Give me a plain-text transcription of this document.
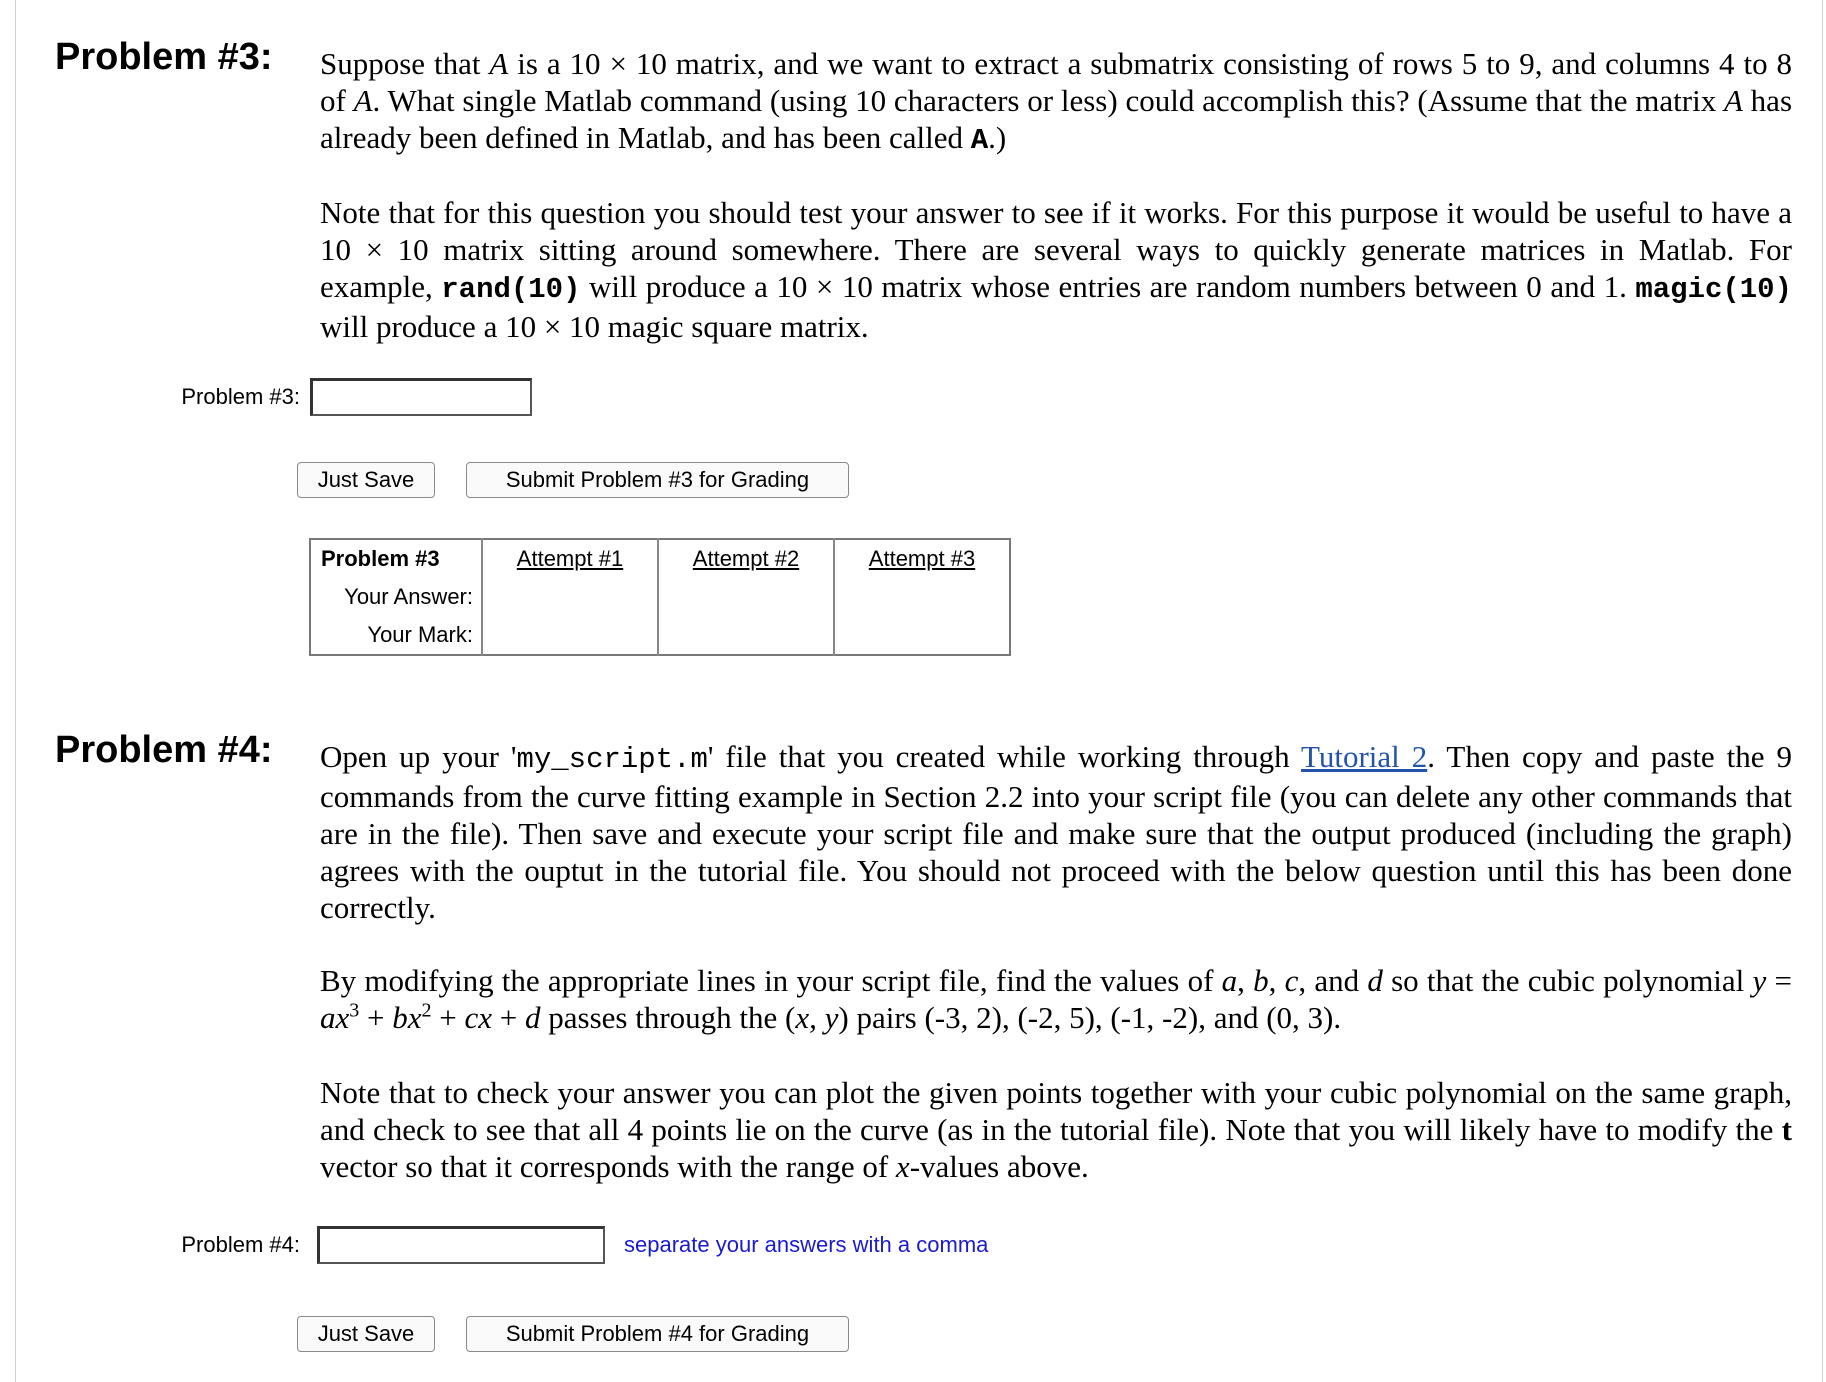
Problem #3: Suppose that A is a 10 × 10 matrix, and we want to extract a submatrix consisting of rows 5 to 9, and columns 4 to 8 of A. What single Matlab command (using 10 characters or less) could accomplish this? (Assume that the matrix A has already been defined in Matlab, and has been called A.)
Note that for this question you should test your answer to see if it works. For this purpose it would be useful to have a 10 × 10 matrix sitting around somewhere. There are several ways to quickly generate matrices in Matlab. For example, rand(10) will produce a 10 × 10 matrix whose entries are random numbers between 0 and 1. magic(10) will produce a 10 × 10 magic square matrix.
Problem #3:
Just Save	Submit Problem #3 for Grading
Problem #3	Attempt #1	Attempt #2	Attempt #3
Your Answer:			
Your Mark:			
Problem #4: Open up your 'my_script.m' file that you created while working through Tutorial 2. Then copy and paste the 9 commands from the curve fitting example in Section 2.2 into your script file (you can delete any other commands that are in the file). Then save and execute your script file and make sure that the output produced (including the graph) agrees with the ouptut in the tutorial file. You should not proceed with the below question until this has been done correctly.
By modifying the appropriate lines in your script file, find the values of a, b, c, and d so that the cubic polynomial $y = ax^3 + bx^2$ + cx + d passes through the (x, y) pairs (-3, 2), (-2, 5), (-1, -2), and (0, 3).
Note that to check your answer you can plot the given points together with your cubic polynomial on the same graph, and check to see that all 4 points lie on the curve (as in the tutorial file). Note that you will likely have to modify the t vector so that it corresponds with the range of x-values above.
Problem #4:	separate your answers with a comma
Just Save	Submit Problem #4 for Grading
